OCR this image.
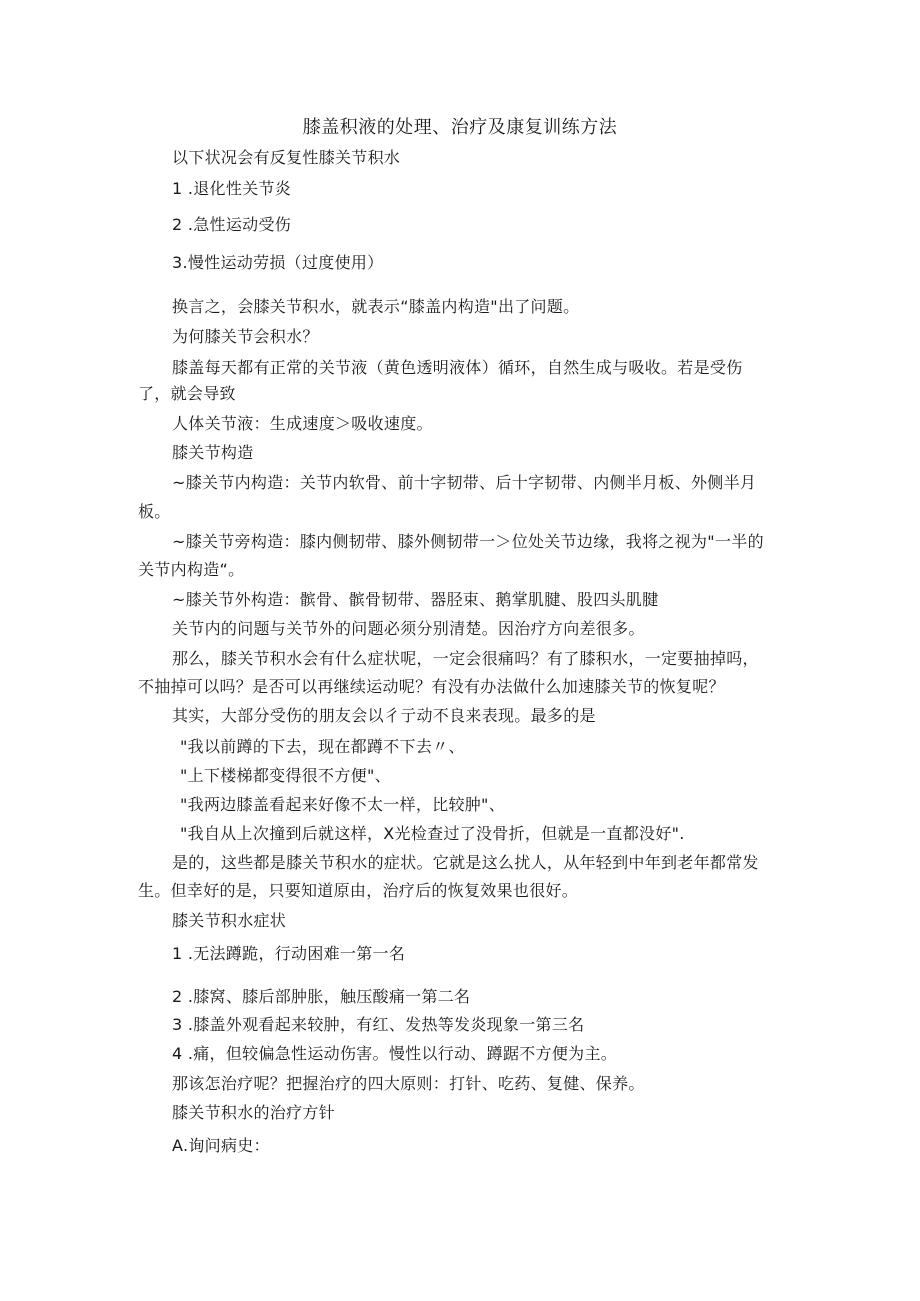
膝盖积液的处理、治疗及康复训练方法
以下状况会有反复性膝关节积水
1 .退化性关节炎
2 .急性运动受伤
3.慢性运动劳损（过度使用）
换言之，会膝关节积水，就表示“膝盖内构造"出了问题。
为何膝关节会积水？
膝盖每天都有正常的关节液（黄色透明液体）循环，自然生成与吸收。若是受伤
了，就会导致
人体关节液：生成速度＞吸收速度。
膝关节构造
~膝关节内构造：关节内软骨、前十字韧带、后十字韧带、内侧半月板、外侧半月
板。
~膝关节旁构造：膝内侧韧带、膝外侧韧带一＞位处关节边缘，我将之视为"一半的
关节内构造“。
~膝关节外构造：髌骨、髌骨韧带、器胫束、鹅掌肌腱、股四头肌腱
关节内的问题与关节外的问题必须分别清楚。因治疗方向差很多。
那么，膝关节积水会有什么症状呢，一定会很痛吗？有了膝积水，一定要抽掉吗，
不抽掉可以吗？是否可以再继续运动呢？有没有办法做什么加速膝关节的恢复呢？
其实，大部分受伤的朋友会以彳亍动不良来表现。最多的是
"我以前蹲的下去，现在都蹲不下去〃、
"上下楼梯都变得很不方便"、
"我两边膝盖看起来好像不太一样，比较肿"、
"我自从上次撞到后就这样，X光检查过了没骨折，但就是一直都没好".
是的，这些都是膝关节积水的症状。它就是这么扰人，从年轻到中年到老年都常发
生。但幸好的是，只要知道原由，治疗后的恢复效果也很好。
膝关节积水症状
1 .无法蹲跪，行动困难一第一名
2 .膝窝、膝后部肿胀，触压酸痛一第二名
3 .膝盖外观看起来较肿，有红、发热等发炎现象一第三名
4 .痛，但较偏急性运动伤害。慢性以行动、蹲踞不方便为主。
那该怎治疗呢？把握治疗的四大原则：打针、吃药、复健、保养。
膝关节积水的治疗方针
A.询问病史：
